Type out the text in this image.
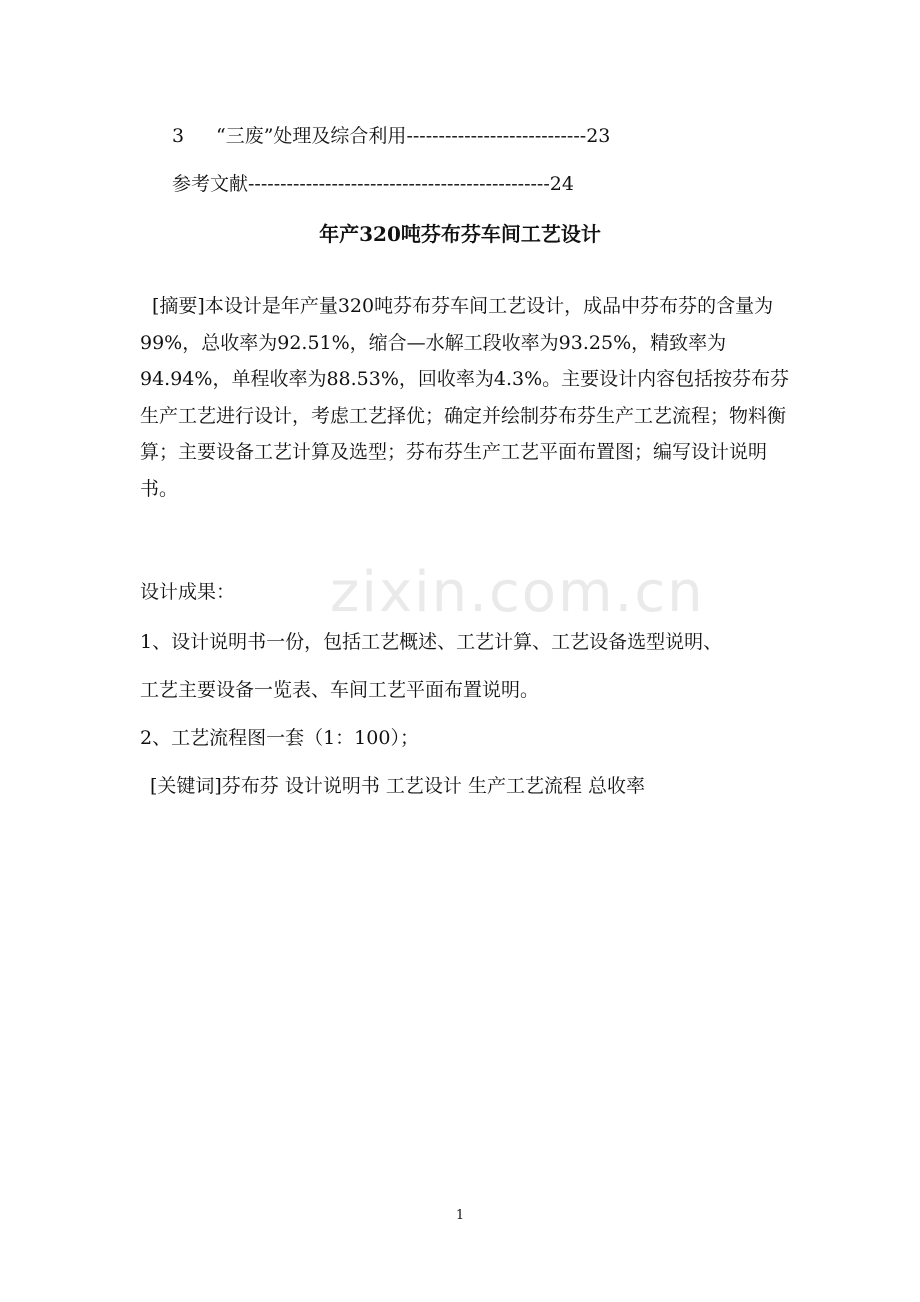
3 “三废”处理及综合利用----------------------------23
参考文献-----------------------------------------------24
年产320吨芬布芬车间工艺设计
[摘要]本设计是年产量320吨芬布芬车间工艺设计，成品中芬布芬的含量为99%，总收率为92.51%，缩合—水解工段收率为93.25%，精致率为94.94%，单程收率为88.53%，回收率为4.3%。主要设计内容包括按芬布芬生产工艺进行设计，考虑工艺择优；确定并绘制芬布芬生产工艺流程；物料衡算；主要设备工艺计算及选型；芬布芬生产工艺平面布置图；编写设计说明书。
设计成果：
1、设计说明书一份，包括工艺概述、工艺计算、工艺设备选型说明、
工艺主要设备一览表、车间工艺平面布置说明。
2、工艺流程图一套（1：100）；
[关键词]芬布芬 设计说明书 工艺设计 生产工艺流程 总收率
zixin.com.cn
1
